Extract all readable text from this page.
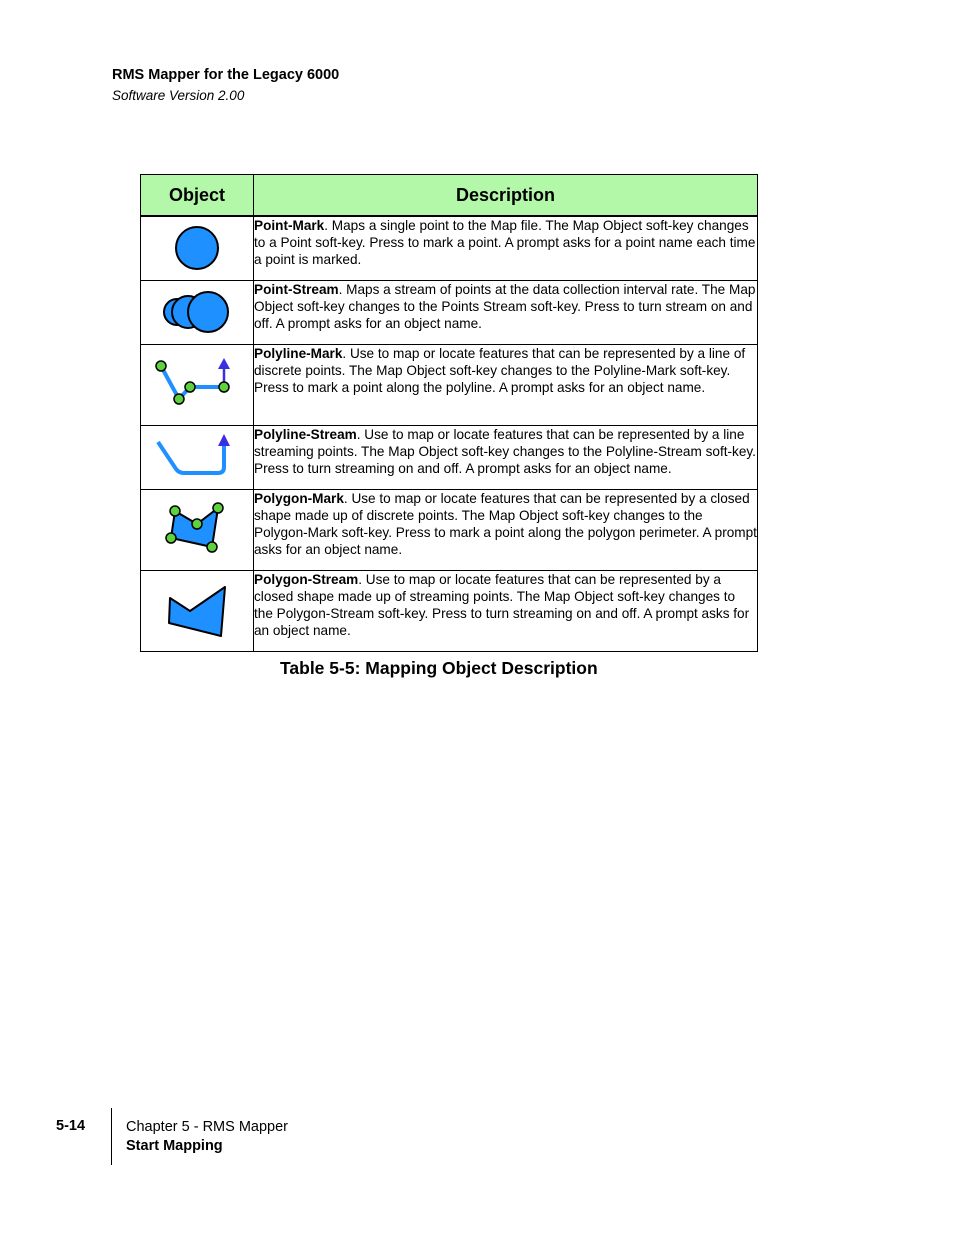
RMS Mapper for the Legacy 6000
Software Version 2.00
Object	Description

	Point-Mark. Maps a single point to the Map file. The Map Object soft-key changes to a Point soft-key. Press to mark a point. A prompt asks for a point name each time a point is marked.

	Point-Stream. Maps a stream of points at the data collection interval rate. The Map Object soft-key changes to the Points Stream soft-key. Press to turn stream on and off. A prompt asks for an object name.

	Polyline-Mark. Use to map or locate features that can be represented by a line of discrete points. The Map Object soft-key changes to the Polyline-Mark soft-key. Press to mark a point along the polyline. A prompt asks for an object name.

	Polyline-Stream. Use to map or locate features that can be represented by a line streaming points. The Map Object soft-key changes to the Polyline-Stream soft-key. Press to turn streaming on and off. A prompt asks for an object name.

	Polygon-Mark. Use to map or locate features that can be represented by a closed shape made up of discrete points. The Map Object soft-key changes to the Polygon-Mark soft-key. Press to mark a point along the polygon perimeter. A prompt asks for an object name.

	Polygon-Stream. Use to map or locate features that can be represented by a closed shape made up of streaming points. The Map Object soft-key changes to the Polygon-Stream soft-key. Press to turn streaming on and off. A prompt asks for an object name.
Table 5-5: Mapping Object Description
5-14	Chapter 5 - RMS Mapper
Start Mapping
